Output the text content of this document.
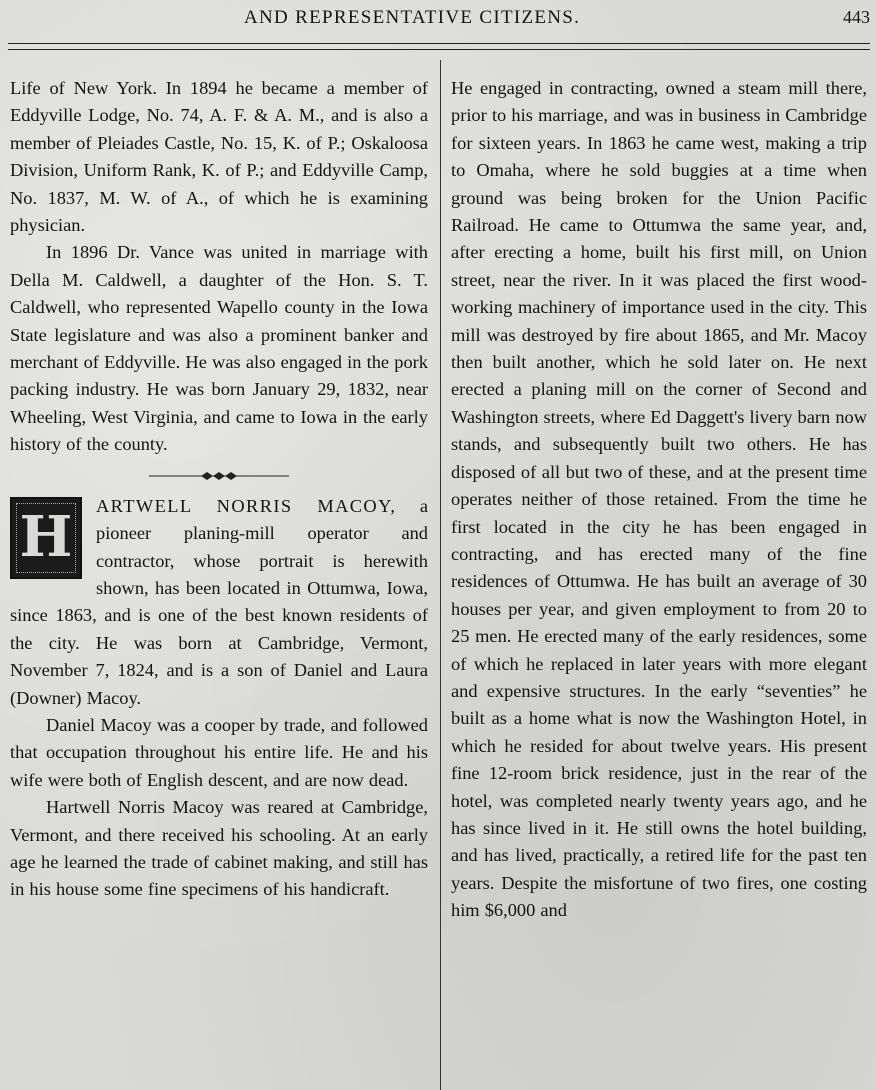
AND REPRESENTATIVE CITIZENS.	443

Life of New York. In 1894 he became a member of Eddyville Lodge, No. 74, A. F. & A. M., and is also a member of Pleiades Castle, No. 15, K. of P.; Oskaloosa Division, Uniform Rank, K. of P.; and Eddyville Camp, No. 1837, M. W. of A., of which he is examining physician.

In 1896 Dr. Vance was united in marriage with Della M. Caldwell, a daughter of the Hon. S. T. Caldwell, who represented Wapello county in the Iowa State legislature and was also a prominent banker and merchant of Eddyville. He was also engaged in the pork packing industry. He was born January 29, 1832, near Wheeling, West Virginia, and came to Iowa in the early history of the county.

H	ARTWELL NORRIS MACOY, a pioneer planing-mill operator and contractor, whose portrait is herewith shown, has been located in Ottumwa, Iowa, since 1863, and is one of the best known residents of the city. He was born at Cambridge, Vermont, November 7, 1824, and is a son of Daniel and Laura (Downer) Macoy.

Daniel Macoy was a cooper by trade, and followed that occupation throughout his entire life. He and his wife were both of English descent, and are now dead.

Hartwell Norris Macoy was reared at Cambridge, Vermont, and there received his schooling. At an early age he learned the trade of cabinet making, and still has in his house some fine specimens of his handicraft.

He engaged in contracting, owned a steam mill there, prior to his marriage, and was in business in Cambridge for sixteen years. In 1863 he came west, making a trip to Omaha, where he sold buggies at a time when ground was being broken for the Union Pacific Railroad. He came to Ottumwa the same year, and, after erecting a home, built his first mill, on Union street, near the river. In it was placed the first wood-working machinery of importance used in the city. This mill was destroyed by fire about 1865, and Mr. Macoy then built another, which he sold later on. He next erected a planing mill on the corner of Second and Washington streets, where Ed Daggett's livery barn now stands, and subsequently built two others. He has disposed of all but two of these, and at the present time operates neither of those retained. From the time he first located in the city he has been engaged in contracting, and has erected many of the fine residences of Ottumwa. He has built an average of 30 houses per year, and given employment to from 20 to 25 men. He erected many of the early residences, some of which he replaced in later years with more elegant and expensive structures. In the early “seventies” he built as a home what is now the Washington Hotel, in which he resided for about twelve years. His present fine 12-room brick residence, just in the rear of the hotel, was completed nearly twenty years ago, and he has since lived in it. He still owns the hotel building, and has lived, practically, a retired life for the past ten years. Despite the misfortune of two fires, one costing him $6,000 and
